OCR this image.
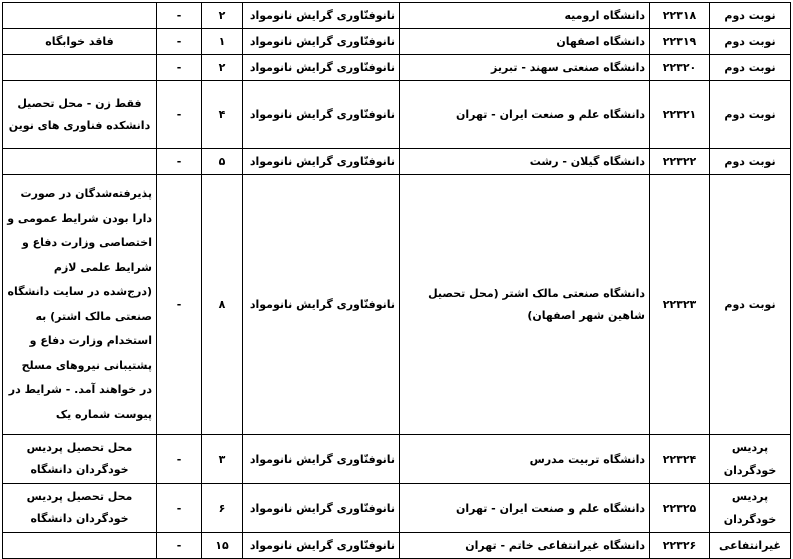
نوبت دوم	۲۲۳۱۸	دانشگاه ارومیه	نانوفنّاوری گرایش نانومواد	۲	-	
نوبت دوم	۲۲۳۱۹	دانشگاه اصفهان	نانوفنّاوری گرایش نانومواد	۱	-	فاقد خوابگاه
نوبت دوم	۲۲۳۲۰	دانشگاه صنعتی سهند - تبریز	نانوفنّاوری گرایش نانومواد	۲	-	
نوبت دوم	۲۲۳۲۱	دانشگاه علم و صنعت ایران - تهران	نانوفنّاوری گرایش نانومواد	۴	-	فقط زن - محل تحصیل دانشکده فناوری های نوین
نوبت دوم	۲۲۳۲۲	دانشگاه گیلان - رشت	نانوفنّاوری گرایش نانومواد	۵	-	
نوبت دوم	۲۲۳۲۳	دانشگاه صنعتی مالک اشتر (محل تحصیل شاهین شهر اصفهان)	نانوفنّاوری گرایش نانومواد	۸	-	پذیرفته‌شدگان در صورت دارا بودن شرایط عمومی و اختصاصی وزارت دفاع و شرایط علمی لازم (درج‌شده در سایت دانشگاه صنعتی مالک اشتر) به استخدام وزارت دفاع و پشتیبانی نیروهای مسلح در خواهند آمد. - شرایط در پیوست شماره یک
پردیس خودگردان	۲۲۳۲۴	دانشگاه تربیت مدرس	نانوفنّاوری گرایش نانومواد	۳	-	محل تحصیل پردیس خودگردان دانشگاه
پردیس خودگردان	۲۲۳۲۵	دانشگاه علم و صنعت ایران - تهران	نانوفنّاوری گرایش نانومواد	۶	-	محل تحصیل پردیس خودگردان دانشگاه
غیرانتفاعی	۲۲۳۲۶	دانشگاه غیرانتفاعی خاتم - تهران	نانوفنّاوری گرایش نانومواد	۱۵	-	
